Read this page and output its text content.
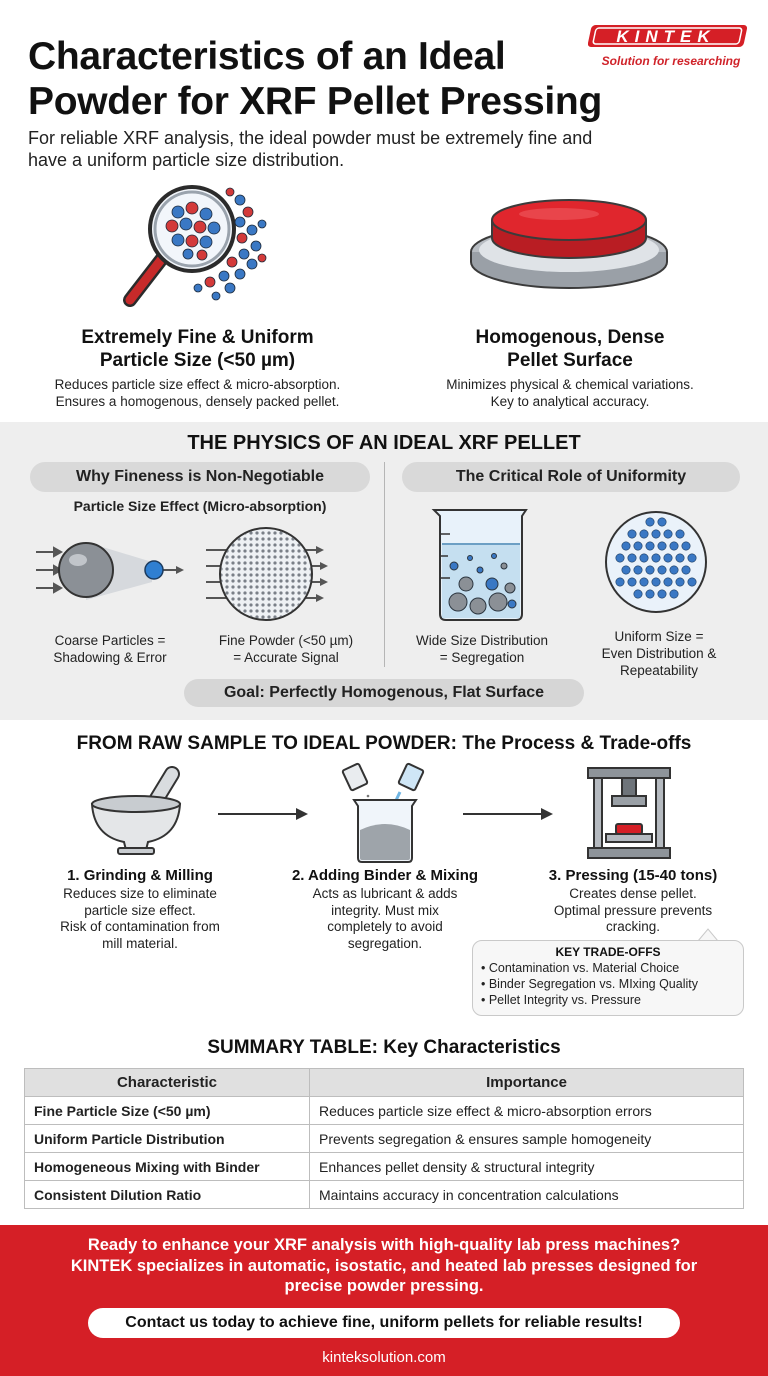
Characteristics of an Ideal
Powder for XRF Pellet Pressing
KINTEK
Solution for researching
For reliable XRF analysis, the ideal powder must be extremely fine and
have a uniform particle size distribution.
Extremely Fine & Uniform
Particle Size (<50 µm)
Reduces particle size effect & micro-absorption.
Ensures a homogenous, densely packed pellet.
Homogenous, Dense
Pellet Surface
Minimizes physical & chemical variations.
Key to analytical accuracy.
THE PHYSICS OF AN IDEAL XRF PELLET
Why Fineness is Non-Negotiable	The Critical Role of Uniformity
Particle Size Effect (Micro-absorption)
Coarse Particles =
Shadowing & Error
Fine Powder (<50 µm)
= Accurate Signal
Wide Size Distribution
= Segregation
Uniform Size =
Even Distribution &
Repeatability
Goal: Perfectly Homogenous, Flat Surface
FROM RAW SAMPLE TO IDEAL POWDER: The Process & Trade-offs
1. Grinding & Milling
Reduces size to eliminate
particle size effect.
Risk of contamination from
mill material.
2. Adding Binder & Mixing
Acts as lubricant & adds
integrity. Must mix
completely to avoid
segregation.
3. Pressing (15-40 tons)
Creates dense pellet.
Optimal pressure prevents
cracking.
KEY TRADE-OFFS
• Contamination vs. Material Choice
• Binder Segregation vs. MIxing Quality
• Pellet Integrity vs. Pressure
SUMMARY TABLE: Key Characteristics
Characteristic	Importance
Fine Particle Size (<50 µm)	Reduces particle size effect & micro-absorption errors
Uniform Particle Distribution	Prevents segregation & ensures sample homogeneity
Homogeneous Mixing with Binder	Enhances pellet density & structural integrity
Consistent Dilution Ratio	Maintains accuracy in concentration calculations
Ready to enhance your XRF analysis with high-quality lab press machines?
KINTEK specializes in automatic, isostatic, and heated lab presses designed for
precise powder pressing.
Contact us today to achieve fine, uniform pellets for reliable results!
kinteksolution.com
